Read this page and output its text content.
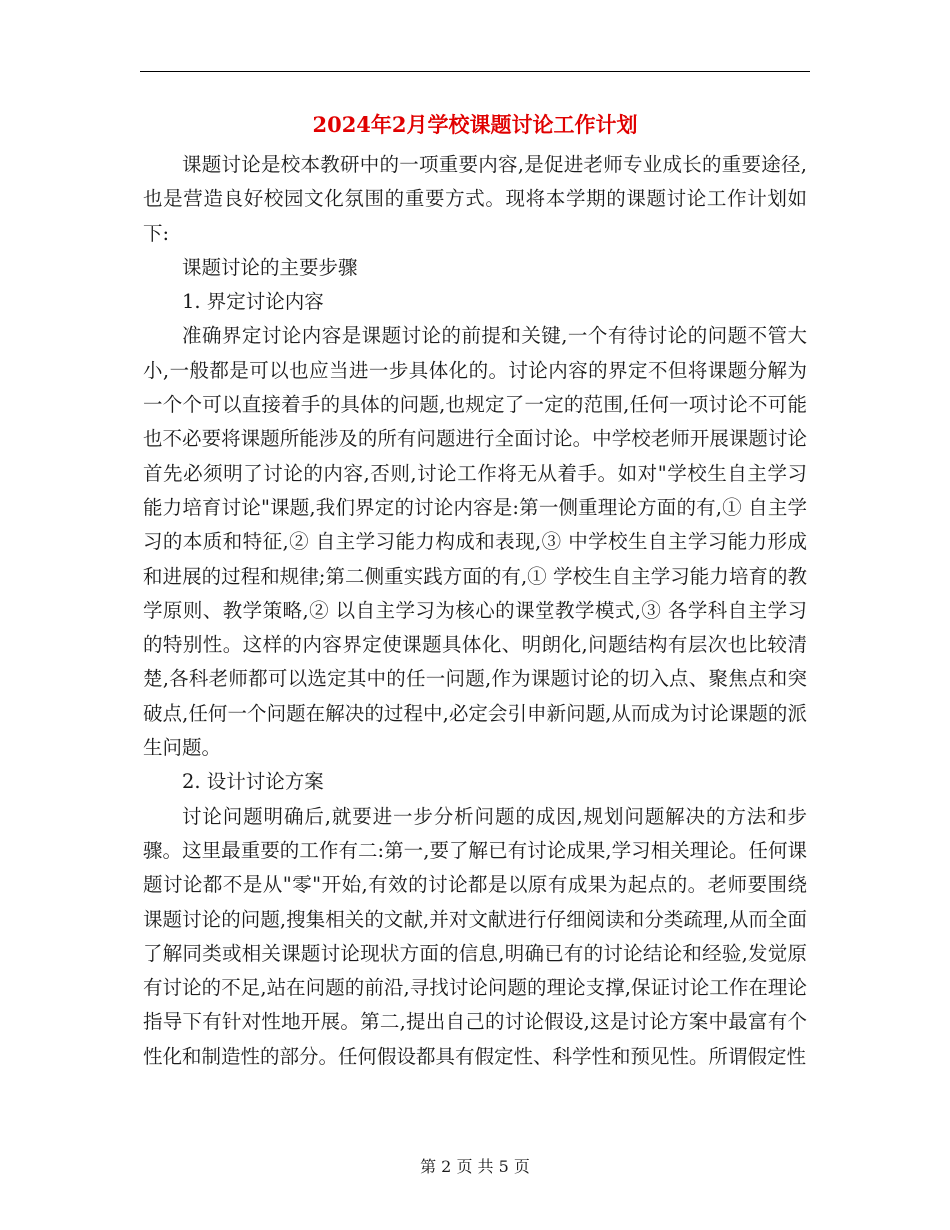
2024年2月学校课题讨论工作计划

课题讨论是校本教研中的一项重要内容,是促进老师专业成长的重要途径,也是营造良好校园文化氛围的重要方式。现将本学期的课题讨论工作计划如下:

课题讨论的主要步骤

1. 界定讨论内容

准确界定讨论内容是课题讨论的前提和关键,一个有待讨论的问题不管大小,一般都是可以也应当进一步具体化的。讨论内容的界定不但将课题分解为一个个可以直接着手的具体的问题,也规定了一定的范围,任何一项讨论不可能也不必要将课题所能涉及的所有问题进行全面讨论。中学校老师开展课题讨论首先必须明了讨论的内容,否则,讨论工作将无从着手。如对"学校生自主学习能力培育讨论"课题,我们界定的讨论内容是:第一侧重理论方面的有,① 自主学习的本质和特征,② 自主学习能力构成和表现,③ 中学校生自主学习能力形成和进展的过程和规律;第二侧重实践方面的有,① 学校生自主学习能力培育的教学原则、教学策略,② 以自主学习为核心的课堂教学模式,③ 各学科自主学习的特别性。这样的内容界定使课题具体化、明朗化,问题结构有层次也比较清楚,各科老师都可以选定其中的任一问题,作为课题讨论的切入点、聚焦点和突破点,任何一个问题在解决的过程中,必定会引申新问题,从而成为讨论课题的派生问题。

2. 设计讨论方案

讨论问题明确后,就要进一步分析问题的成因,规划问题解决的方法和步骤。这里最重要的工作有二:第一,要了解已有讨论成果,学习相关理论。任何课题讨论都不是从"零"开始,有效的讨论都是以原有成果为起点的。老师要围绕课题讨论的问题,搜集相关的文献,并对文献进行仔细阅读和分类疏理,从而全面了解同类或相关课题讨论现状方面的信息,明确已有的讨论结论和经验,发觉原有讨论的不足,站在问题的前沿,寻找讨论问题的理论支撑,保证讨论工作在理论指导下有针对性地开展。第二,提出自己的讨论假设,这是讨论方案中最富有个性化和制造性的部分。任何假设都具有假定性、科学性和预见性。所谓假定性

第 2 页 共 5 页
